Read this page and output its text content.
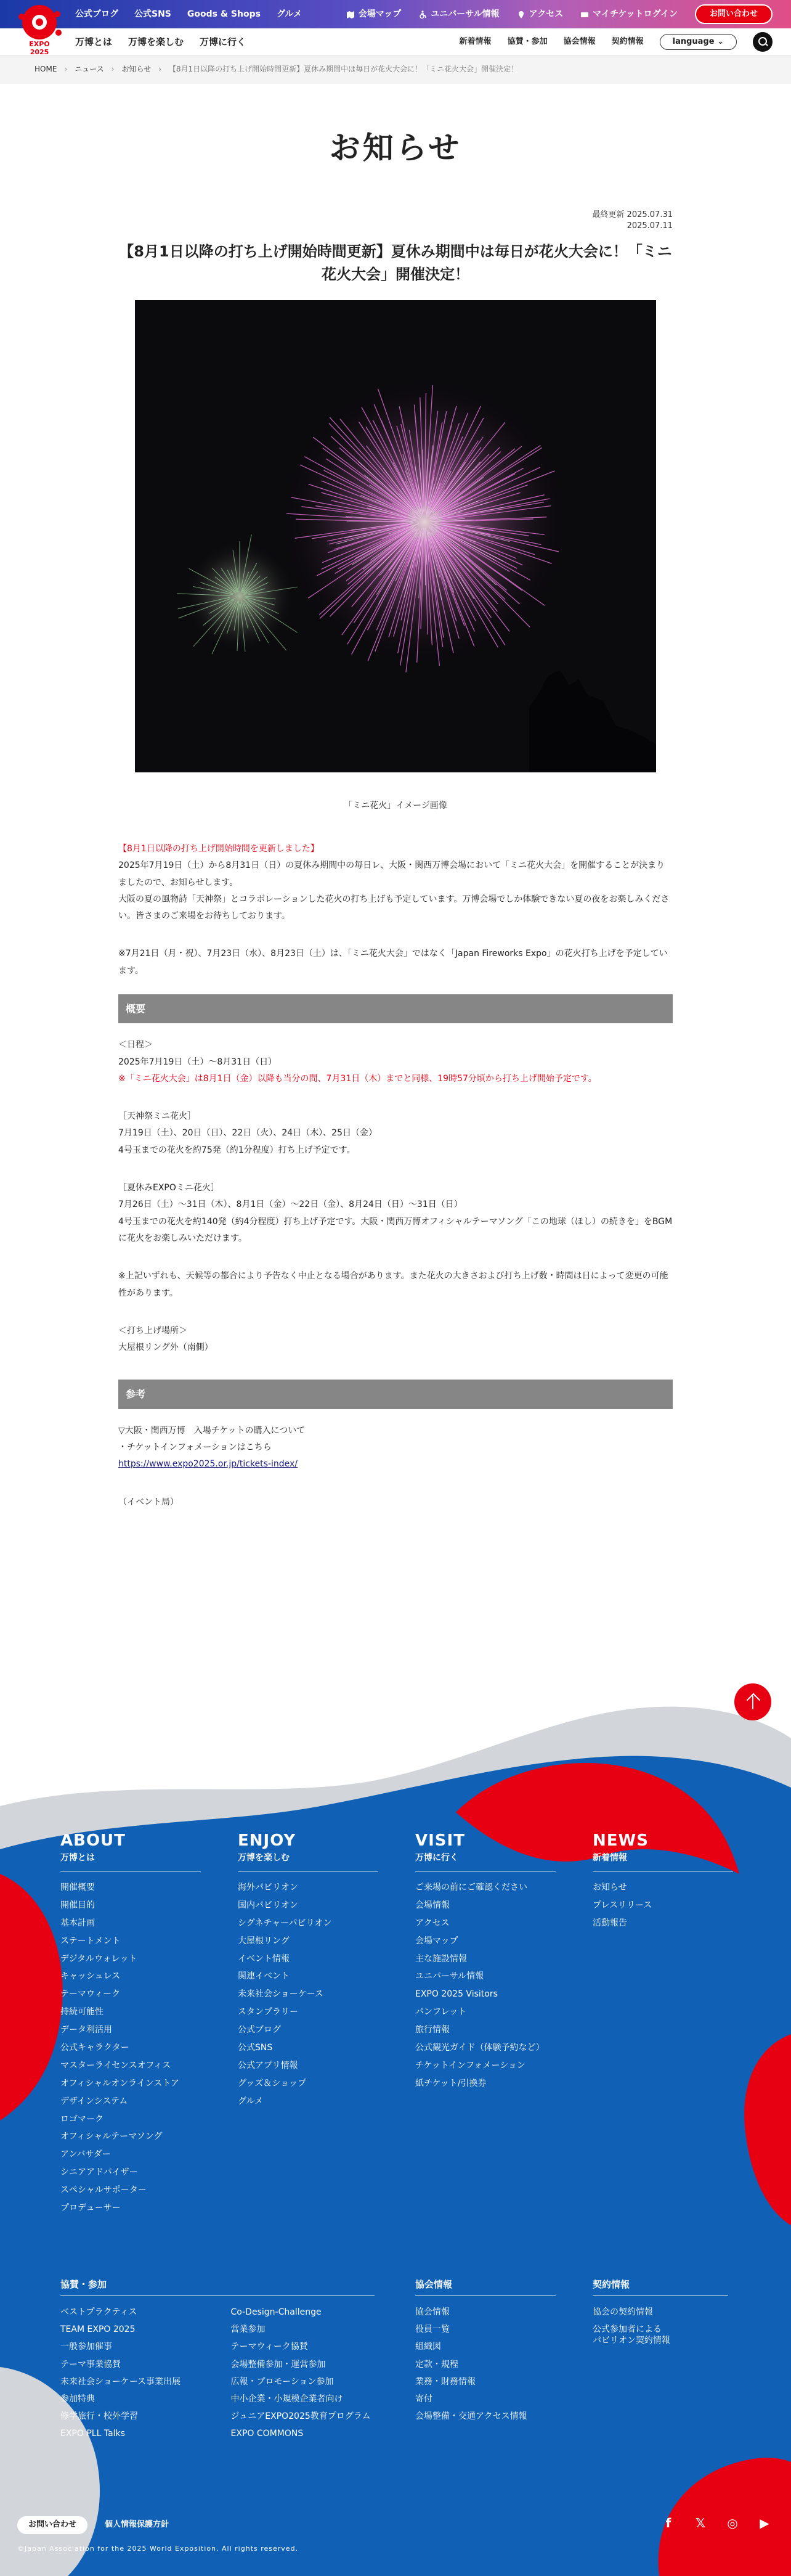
公式ブログ 公式SNS Goods & Shops グルメ	会場マップ	ユニバーサル情報	アクセス	マイチケットログイン	お問い合わせ
EXPO
2025
万博とは 万博を楽しむ 万博に行く	新着情報 協賛・参加 協会情報 契約情報	language ⌄
HOME › ニュース › お知らせ › 【8月1日以降の打ち上げ開始時間更新】夏休み期間中は毎日が花火大会に！「ミニ花火大会」開催決定！
お知らせ
最終更新 2025.07.31
2025.07.11
【8月1日以降の打ち上げ開始時間更新】夏休み期間中は毎日が花火大会に！「ミニ花火大会」開催決定！
「ミニ花火」イメージ画像

【8月1日以降の打ち上げ開始時間を更新しました】

2025年7月19日（土）から8月31日（日）の夏休み期間中の毎日㆑、大阪・関西万博会場において「ミニ花火大会」を開催することが決まりましたので、お知らせします。

大阪の夏の風物詩「天神祭」とコラボレーションした花火の打ち上げも予定しています。万博会場でしか体験できない夏の夜をお楽しみください。皆さまのご来場をお待ちしております。

※7月21日（月・祝）、7月23日（水）、8月23日（土）は、「ミニ花火大会」ではなく「Japan Fireworks Expo」の花火打ち上げを予定しています。

概要

＜日程＞

2025年7月19日（土）〜8月31日（日）

※「ミニ花火大会」は8月1日（金）以降も当分の間、7月31日（木）までと同様、19時57分頃から打ち上げ開始予定です。

［天神祭ミニ花火］

7月19日（土）、20日（日）、22日（火）、24日（木）、25日（金）

4号玉までの花火を約75発（約1分程度）打ち上げ予定です。

［夏休みEXPOミニ花火］

7月26日（土）〜31日（木）、8月1日（金）〜22日（金）、8月24日（日）〜31日（日）

4号玉までの花火を約140発（約4分程度）打ち上げ予定です。大阪・関西万博オフィシャルテーマソング「この地球（ほし）の続きを」をBGMに花火をお楽しみいただけます。

※上記いずれも、天候等の都合により予告なく中止となる場合があります。また花火の大きさおよび打ち上げ数・時間は日によって変更の可能性があります。

＜打ち上げ場所＞

大屋根リング外（南側）

参考

▽大阪・関西万博　入場チケットの購入について

・チケットインフォメーションはこちら

https://www.expo2025.or.jp/tickets-index/

（イベント局）

ABOUT
万博とは
開催概要
開催目的
基本計画
ステートメント
デジタルウォレット
キャッシュレス
テーマウィーク
持続可能性
データ利活用
公式キャラクター
マスターライセンスオフィス
オフィシャルオンラインストア
デザインシステム
ロゴマーク
オフィシャルテーマソング
アンバサダー
シニアアドバイザー
スペシャルサポーター
プロデューサー
ENJOY
万博を楽しむ
海外パビリオン
国内パビリオン
シグネチャーパビリオン
大屋根リング
イベント情報
関連イベント
未来社会ショーケース
スタンプラリー
公式ブログ
公式SNS
公式アプリ情報
グッズ＆ショップ
グルメ
VISIT
万博に行く
ご来場の前にご確認ください
会場情報
アクセス
会場マップ
主な施設情報
ユニバーサル情報
EXPO 2025 Visitors
パンフレット
旅行情報
公式観光ガイド（体験予約など）
チケットインフォメーション
紙チケット/引換券
NEWS
新着情報
お知らせ
プレスリリース
活動報告
協賛・参加
ベストプラクティス
TEAM EXPO 2025
一般参加催事
テーマ事業協賛
未来社会ショーケース事業出展
参加特典
修学旅行・校外学習
EXPO PLL Talks
Co-Design-Challenge
営業参加
テーマウィーク協賛
会場整備参加・運営参加
広報・プロモーション参加
中小企業・小規模企業者向け
ジュニアEXPO2025教育プログラム
EXPO COMMONS
協会情報
協会情報
役員一覧
組織図
定款・規程
業務・財務情報
寄付
会場整備・交通アクセス情報
契約情報
協会の契約情報
公式参加者による
パビリオン契約情報
お問い合わせ	個人情報保護方針
©Japan Association for the 2025 World Exposition. All rights reserved.
f	𝕏 ◎ ▶
